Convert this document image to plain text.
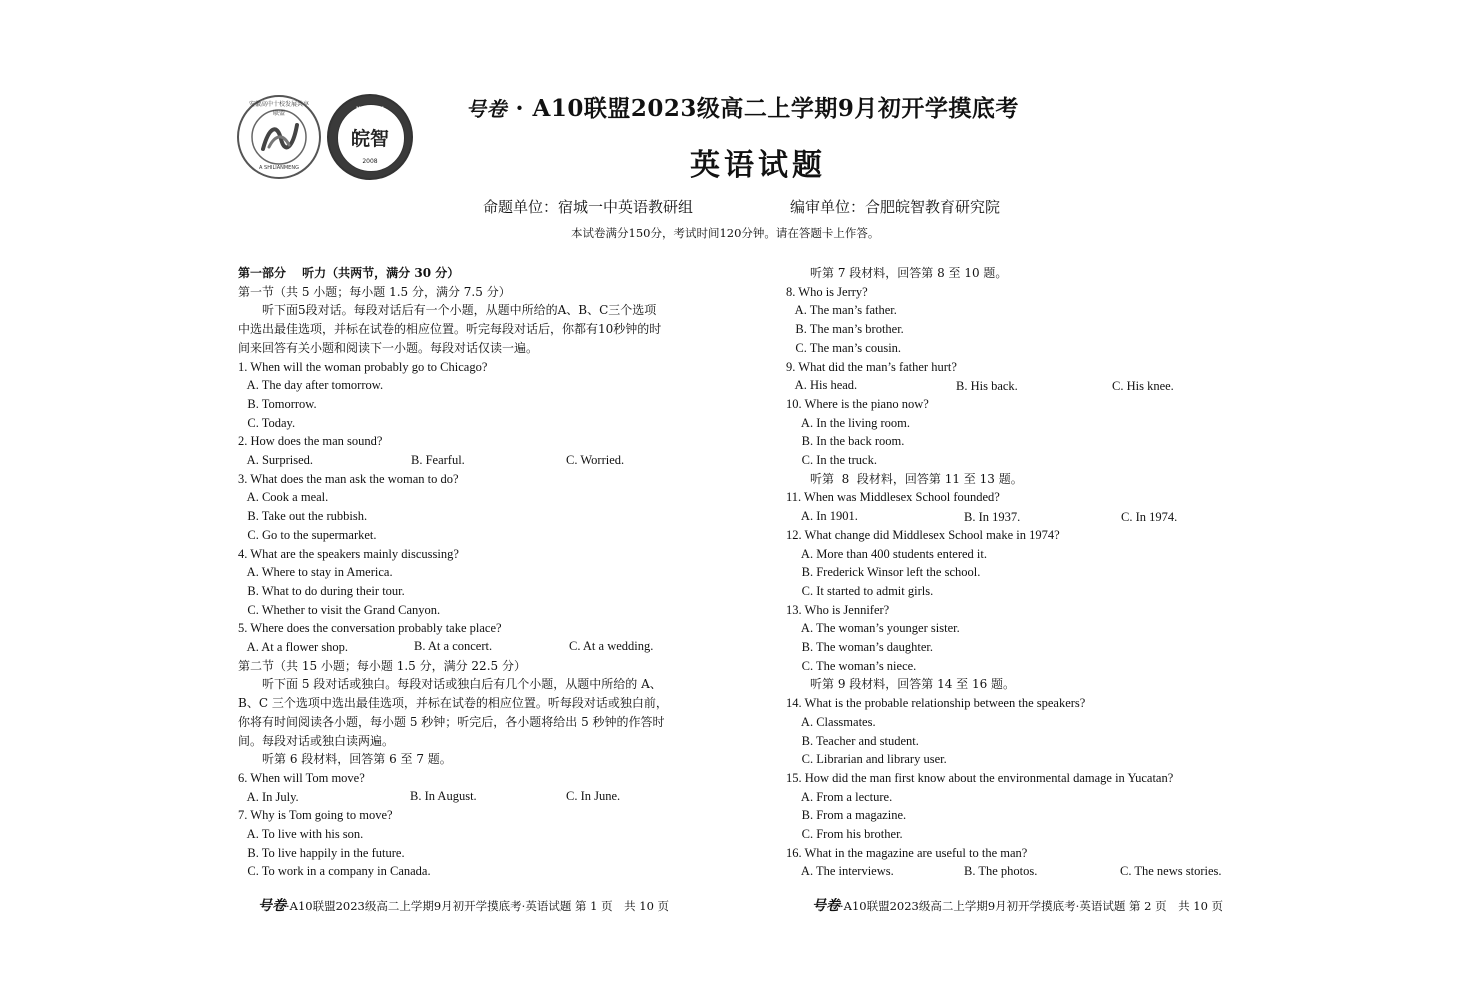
安徽高中十校发展共享联盟
A SHILIANMENG
WANZHI EDUCATION
皖智
2008
号卷 · A10联盟2023级高二上学期9月初开学摸底考
英语试题
命题单位：宿城一中英语教研组	编审单位：合肥皖智教育研究院
本试卷满分150分，考试时间120分钟。请在答题卡上作答。
第一部分　 听力（共两节，满分 30 分）
第一节（共 5 小题；每小题 1.5 分，满分 7.5 分）
　　听下面5段对话。每段对话后有一个小题，从题中所给的A、B、C三个选项
中选出最佳选项，并标在试卷的相应位置。听完每段对话后，你都有10秒钟的时
间来回答有关小题和阅读下一小题。每段对话仅读一遍。
1. When will the woman probably go to Chicago?
A. The day after tomorrow.
B. Tomorrow.
C. Today.
2. How does the man sound?
A. Surprised.
3. What does the man ask the woman to do?
A. Cook a meal.
B. Take out the rubbish.
C. Go to the supermarket.
4. What are the speakers mainly discussing?
A. Where to stay in America.
B. What to do during their tour.
C. Whether to visit the Grand Canyon.
5. Where does the conversation probably take place?
A. At a flower shop.
第二节（共 15 小题；每小题 1.5 分，满分 22.5 分）
　　听下面 5 段对话或独白。每段对话或独白后有几个小题，从题中所给的 A、
B、C 三个选项中选出最佳选项，并标在试卷的相应位置。听每段对话或独白前，
你将有时间阅读各小题，每小题 5 秒钟；听完后，各小题将给出 5 秒钟的作答时
间。每段对话或独白读两遍。
　　听第 6 段材料，回答第 6 至 7 题。
6. When will Tom move?
A. In July.
7. Why is Tom going to move?
A. To live with his son.
B. To live happily in the future.
C. To work in a company in Canada.
　　听第 7 段材料，回答第 8 至 10 题。
8. Who is Jerry?
A. The man’s father.
B. The man’s brother.
C. The man’s cousin.
9. What did the man’s father hurt?
A. His head.
10. Where is the piano now?
A. In the living room.
B. In the back room.
C. In the truck.
　　听第  8  段材料，回答第 11 至 13 题。
11. When was Middlesex School founded?
A. In 1901.
12. What change did Middlesex School make in 1974?
A. More than 400 students entered it.
B. Frederick Winsor left the school.
C. It started to admit girls.
13. Who is Jennifer?
A. The woman’s younger sister.
B. The woman’s daughter.
C. The woman’s niece.
　　听第 9 段材料，回答第 14 至 16 题。
14. What is the probable relationship between the speakers?
A. Classmates.
B. Teacher and student.
C. Librarian and library user.
15. How did the man first know about the environmental damage in Yucatan?
A. From a lecture.
B. From a magazine.
C. From his brother.
16. What in the magazine are useful to the man?
A. The interviews.
B. Fearful.	C. Worried.
B. At a concert.	C. At a wedding.
B. In August.	C. In June.
B. His back.	C. His knee.
B. In 1937.	C. In 1974.
B. The photos.	C. The news stories.
号卷·A10联盟2023级高二上学期9月初开学摸底考·英语试题 第 1 页　共 10 页	号卷·A10联盟2023级高二上学期9月初开学摸底考·英语试题 第 2 页　共 10 页
